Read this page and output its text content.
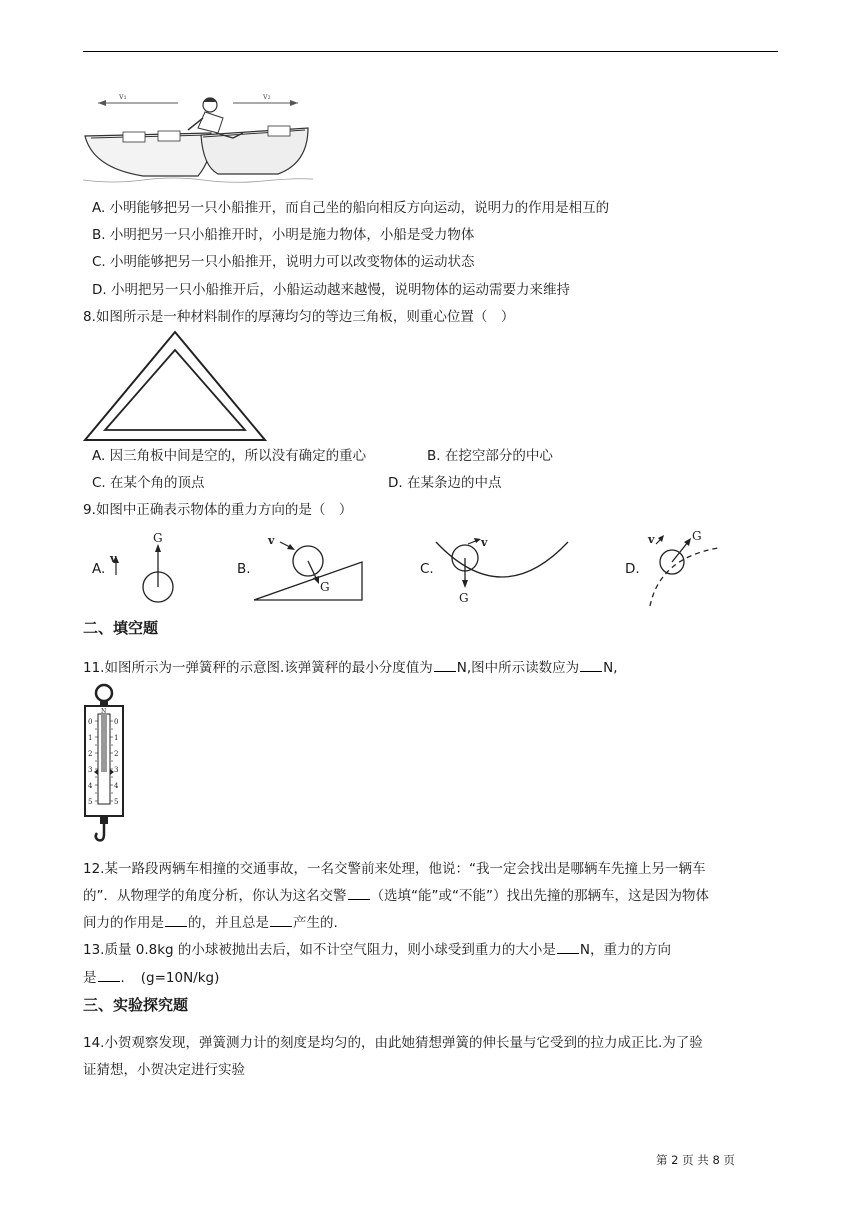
v₁	v₂
A. 小明能够把另一只小船推开，而自己坐的船向相反方向运动，说明力的作用是相互的
B. 小明把另一只小船推开时，小明是施力物体，小船是受力物体
C. 小明能够把另一只小船推开，说明力可以改变物体的运动状态
D. 小明把另一只小船推开后，小船运动越来越慢，说明物体的运动需要力来维持
8.如图所示是一种材料制作的厚薄均匀的等边三角板，则重心位置（　）
A. 因三角板中间是空的，所以没有确定的重心	B. 在挖空部分的中心
C. 在某个角的顶点	D. 在某条边的中点
9.如图中正确表示物体的重力方向的是（　）
A.
v
G
B.
v
G
C.
G
v
D.
G
v
二、填空题
11.如图所示为一弹簧秤的示意图.该弹簧秤的最小分度值为 N,图中所示读数应为 N,
N
0
1
2
3
4
5
0
1
2
3
4
5
12.某一路段两辆车相撞的交通事故，一名交警前来处理，他说：“我一定会找出是哪辆车先撞上另一辆车
的”．从物理学的角度分析，你认为这名交警 （选填“能”或“不能”）找出先撞的那辆车，这是因为物体
间力的作用是 的，并且总是 产生的.
13.质量 0.8kg 的小球被抛出去后，如不计空气阻力，则小球受到重力的大小是 N，重力的方向
是 ．　(g=10N/kg)
三、实验探究题
14.小贺观察发现，弹簧测力计的刻度是均匀的，由此她猜想弹簧的伸长量与它受到的拉力成正比.为了验
证猜想，小贺决定进行实验
第 2 页 共 8 页
